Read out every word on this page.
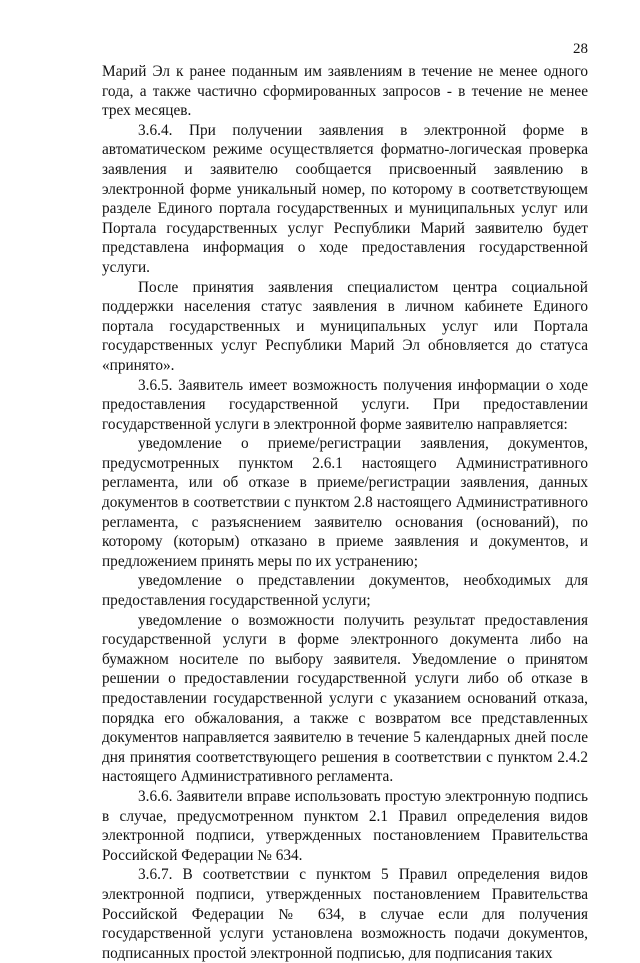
28

Марий Эл к ранее поданным им заявлениям в течение не менее одного года, а также частично сформированных запросов - в течение не менее трех месяцев.

3.6.4. При получении заявления в электронной форме в автоматическом режиме осуществляется форматно-логическая проверка заявления и заявителю сообщается присвоенный заявлению в электронной форме уникальный номер, по которому в соответствующем разделе Единого портала государственных и муниципальных услуг или Портала государственных услуг Республики Марий заявителю будет представлена информация о ходе предоставления государственной услуги.

После принятия заявления специалистом центра социальной поддержки населения статус заявления в личном кабинете Единого портала государственных и муниципальных услуг или Портала государственных услуг Республики Марий Эл обновляется до статуса «принято».

3.6.5. Заявитель имеет возможность получения информации о ходе предоставления государственной услуги. При предоставлении государственной услуги в электронной форме заявителю направляется:

уведомление о приеме/регистрации заявления, документов, предусмотренных пунктом 2.6.1 настоящего Административного регламента, или об отказе в приеме/регистрации заявления, данных документов в соответствии с пунктом 2.8 настоящего Административного регламента, с разъяснением заявителю основания (оснований), по которому (которым) отказано в приеме заявления и документов, и предложением принять меры по их устранению;

уведомление о представлении документов, необходимых для предоставления государственной услуги;

уведомление о возможности получить результат предоставления государственной услуги в форме электронного документа либо на бумажном носителе по выбору заявителя. Уведомление о принятом решении о предоставлении государственной услуги либо об отказе в предоставлении государственной услуги с указанием оснований отказа, порядка его обжалования, а также с возвратом все представленных документов направляется заявителю в течение 5 календарных дней после дня принятия соответствующего решения в соответствии с пунктом 2.4.2 настоящего Административного регламента.

3.6.6. Заявители вправе использовать простую электронную подпись в случае, предусмотренном пунктом 2.1 Правил определения видов электронной подписи, утвержденных постановлением Правительства Российской Федерации № 634.

3.6.7. В соответствии с пунктом 5 Правил определения видов электронной подписи, утвержденных постановлением Правительства Российской Федерации № 634, в случае если для получения государственной услуги установлена возможность подачи документов, подписанных простой электронной подписью, для подписания таких
